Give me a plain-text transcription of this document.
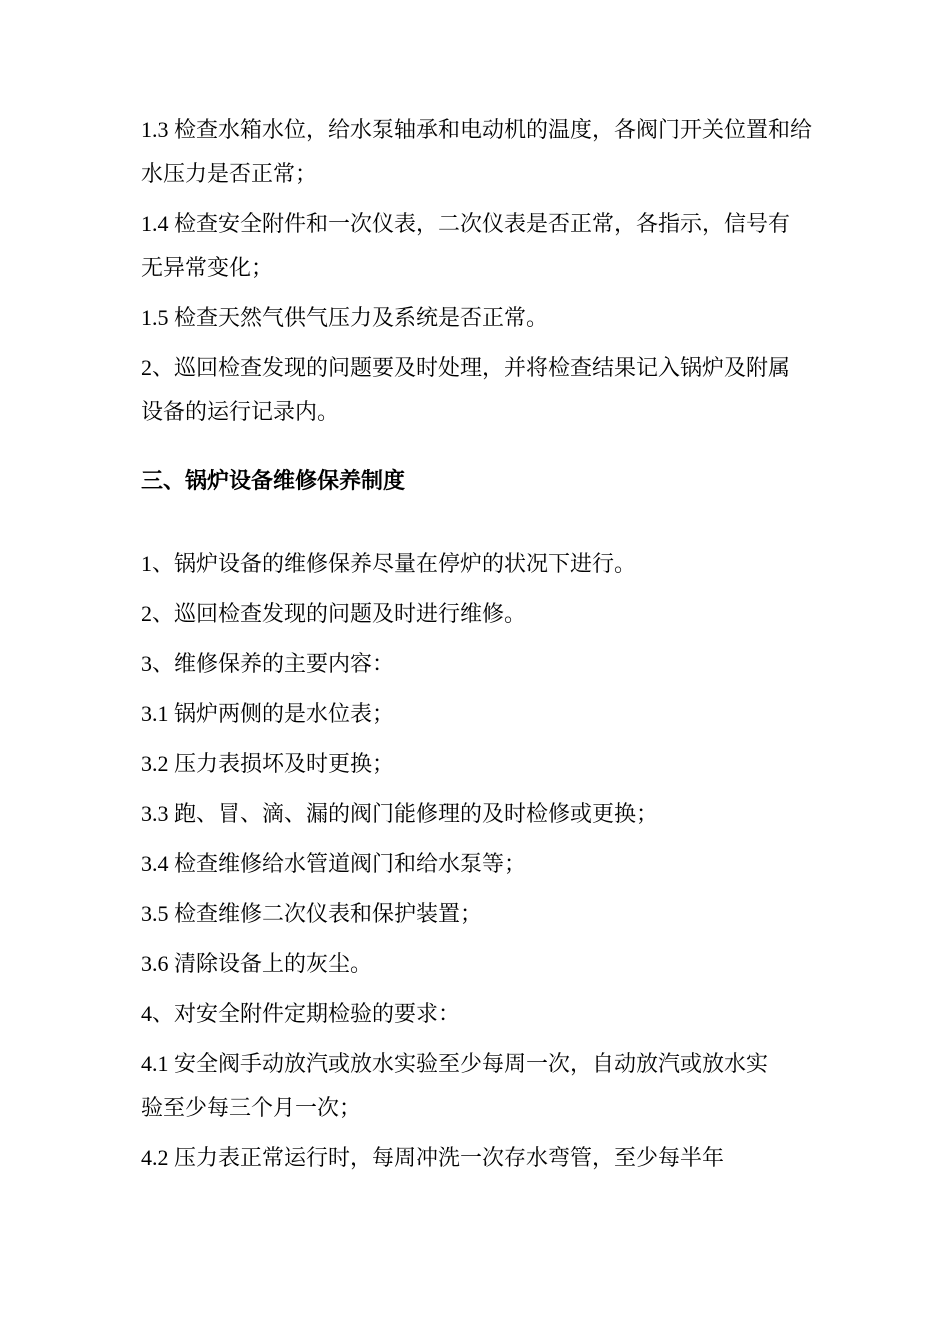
1.3 检查水箱水位，给水泵轴承和电动机的温度，各阀门开关位置和给水压力是否正常；

1.4 检查安全附件和一次仪表，二次仪表是否正常，各指示，信号有无异常变化；

1.5 检查天然气供气压力及系统是否正常。

2、巡回检查发现的问题要及时处理，并将检查结果记入锅炉及附属设备的运行记录内。

三、锅炉设备维修保养制度

1、锅炉设备的维修保养尽量在停炉的状况下进行。

2、巡回检查发现的问题及时进行维修。

3、维修保养的主要内容：

3.1 锅炉两侧的是水位表；

3.2 压力表损坏及时更换；

3.3 跑、冒、滴、漏的阀门能修理的及时检修或更换；

3.4 检查维修给水管道阀门和给水泵等；

3.5 检查维修二次仪表和保护装置；

3.6 清除设备上的灰尘。

4、对安全附件定期检验的要求：

4.1 安全阀手动放汽或放水实验至少每周一次，自动放汽或放水实验至少每三个月一次；

4.2 压力表正常运行时，每周冲洗一次存水弯管，至少每半年
